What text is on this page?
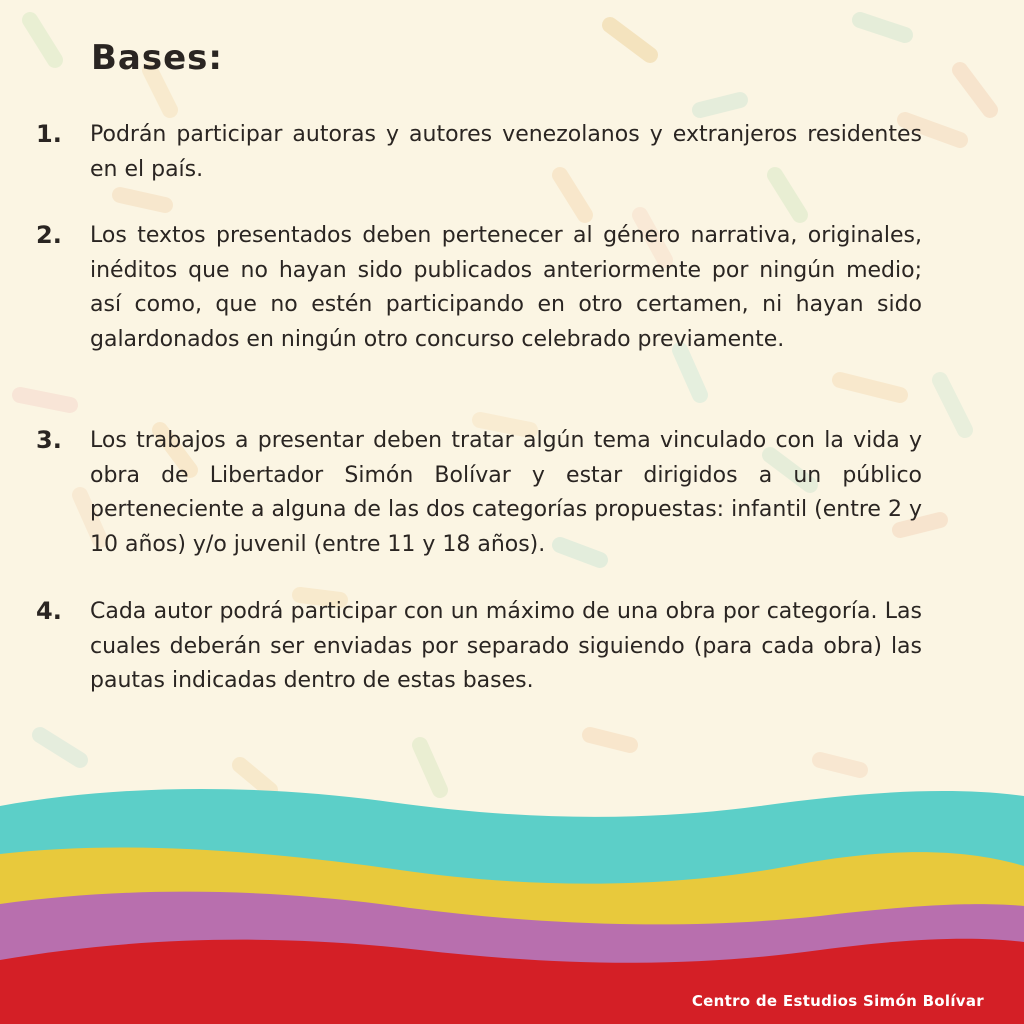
Bases:
1. Podrán participar autoras y autores venezolanos y extranjeros residentes en el país.

2. Los textos presentados deben pertenecer al género narrativa, originales, inéditos que no hayan sido publicados anteriormente por ningún medio; así como, que no estén participando en otro certamen, ni hayan sido galardonados en ningún otro concurso celebrado previamente.

3. Los trabajos a presentar deben tratar algún tema vinculado con la vida y obra de Libertador Simón Bolívar y estar dirigidos a un público perteneciente a alguna de las dos categorías propuestas: infantil (entre 2 y 10 años) y/o juvenil (entre 11 y 18 años).

4. Cada autor podrá participar con un máximo de una obra por categoría. Las cuales deberán ser enviadas por separado siguiendo (para cada obra) las pautas indicadas dentro de estas bases.

Centro de Estudios Simón Bolívar
